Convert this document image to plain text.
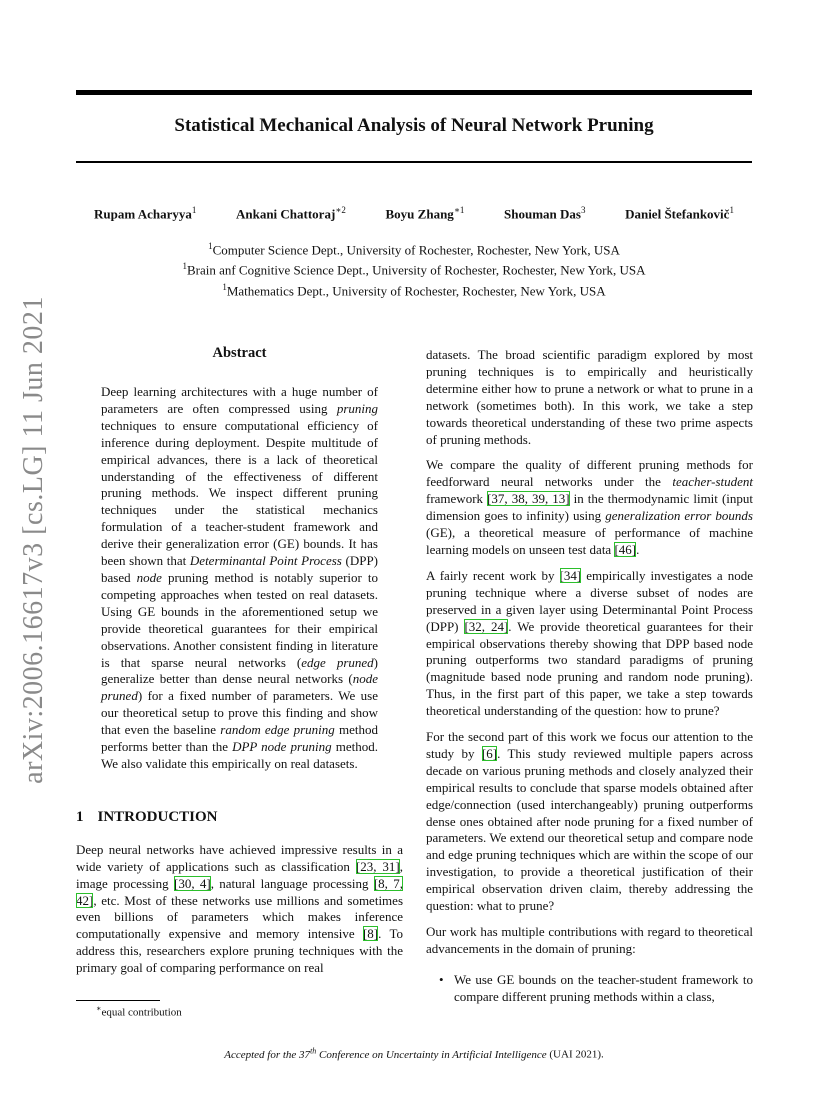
Statistical Mechanical Analysis of Neural Network Pruning
Rupam Acharyya$^1$	Ankani Chattoraj$^{∗2}$	Boyu Zhang$^{∗1}$	Shouman Das$^3$	Daniel Štefankovič$^1$
$^1$Computer Science Dept., University of Rochester, Rochester, New York, USA
$^1$Brain anf Cognitive Science Dept., University of Rochester, Rochester, New York, USA
$^1$Mathematics Dept., University of Rochester, Rochester, New York, USA
arXiv:2006.16617v3 [cs.LG] 11 Jun 2021	Abstract
Deep learning architectures with a huge number of parameters are often compressed using pruning techniques to ensure computational efficiency of inference during deployment. Despite multitude of empirical advances, there is a lack of theoretical understanding of the effectiveness of different pruning methods. We inspect different pruning techniques under the statistical mechanics formulation of a teacher-student framework and derive their generalization error (GE) bounds. It has been shown that Determinantal Point Process (DPP) based node pruning method is notably superior to competing approaches when tested on real datasets. Using GE bounds in the aforementioned setup we provide theoretical guarantees for their empirical observations. Another consistent finding in literature is that sparse neural networks (edge pruned) generalize better than dense neural networks (node pruned) for a fixed number of parameters. We use our theoretical setup to prove this finding and show that even the baseline random edge pruning method performs better than the DPP node pruning method. We also validate this empirically on real datasets.
1 INTRODUCTION

Deep neural networks have achieved impressive results in a wide variety of applications such as classification [23, 31], image processing [30, 4], natural language processing [8, 7, 42], etc. Most of these networks use millions and sometimes even billions of parameters which makes inference computationally expensive and memory intensive [8]. To address this, researchers explore pruning techniques with the primary goal of comparing performance on real

datasets. The broad scientific paradigm explored by most pruning techniques is to empirically and heuristically determine either how to prune a network or what to prune in a network (sometimes both). In this work, we take a step towards theoretical understanding of these two prime aspects of pruning methods.

We compare the quality of different pruning methods for feedforward neural networks under the teacher-student framework [37, 38, 39, 13] in the thermodynamic limit (input dimension goes to infinity) using generalization error bounds (GE), a theoretical measure of performance of machine learning models on unseen test data [46].

A fairly recent work by [34] empirically investigates a node pruning technique where a diverse subset of nodes are preserved in a given layer using Determinantal Point Process (DPP) [32, 24]. We provide theoretical guarantees for their empirical observations thereby showing that DPP based node pruning outperforms two standard paradigms of pruning (magnitude based node pruning and random node pruning). Thus, in the first part of this paper, we take a step towards theoretical understanding of the question: how to prune?

For the second part of this work we focus our attention to the study by [6]. This study reviewed multiple papers across decade on various pruning methods and closely analyzed their empirical results to conclude that sparse models obtained after edge/connection (used interchangeably) pruning outperforms dense ones obtained after node pruning for a fixed number of parameters. We extend our theoretical setup and compare node and edge pruning techniques which are within the scope of our investigation, to provide a theoretical justification of their empirical observation driven claim, thereby addressing the question: what to prune?

Our work has multiple contributions with regard to theoretical advancements in the domain of pruning:

• We use GE bounds on the teacher-student framework to compare different pruning methods within a class,
∗equal contribution
Accepted for the 37th Conference on Uncertainty in Artificial Intelligence (UAI 2021).
